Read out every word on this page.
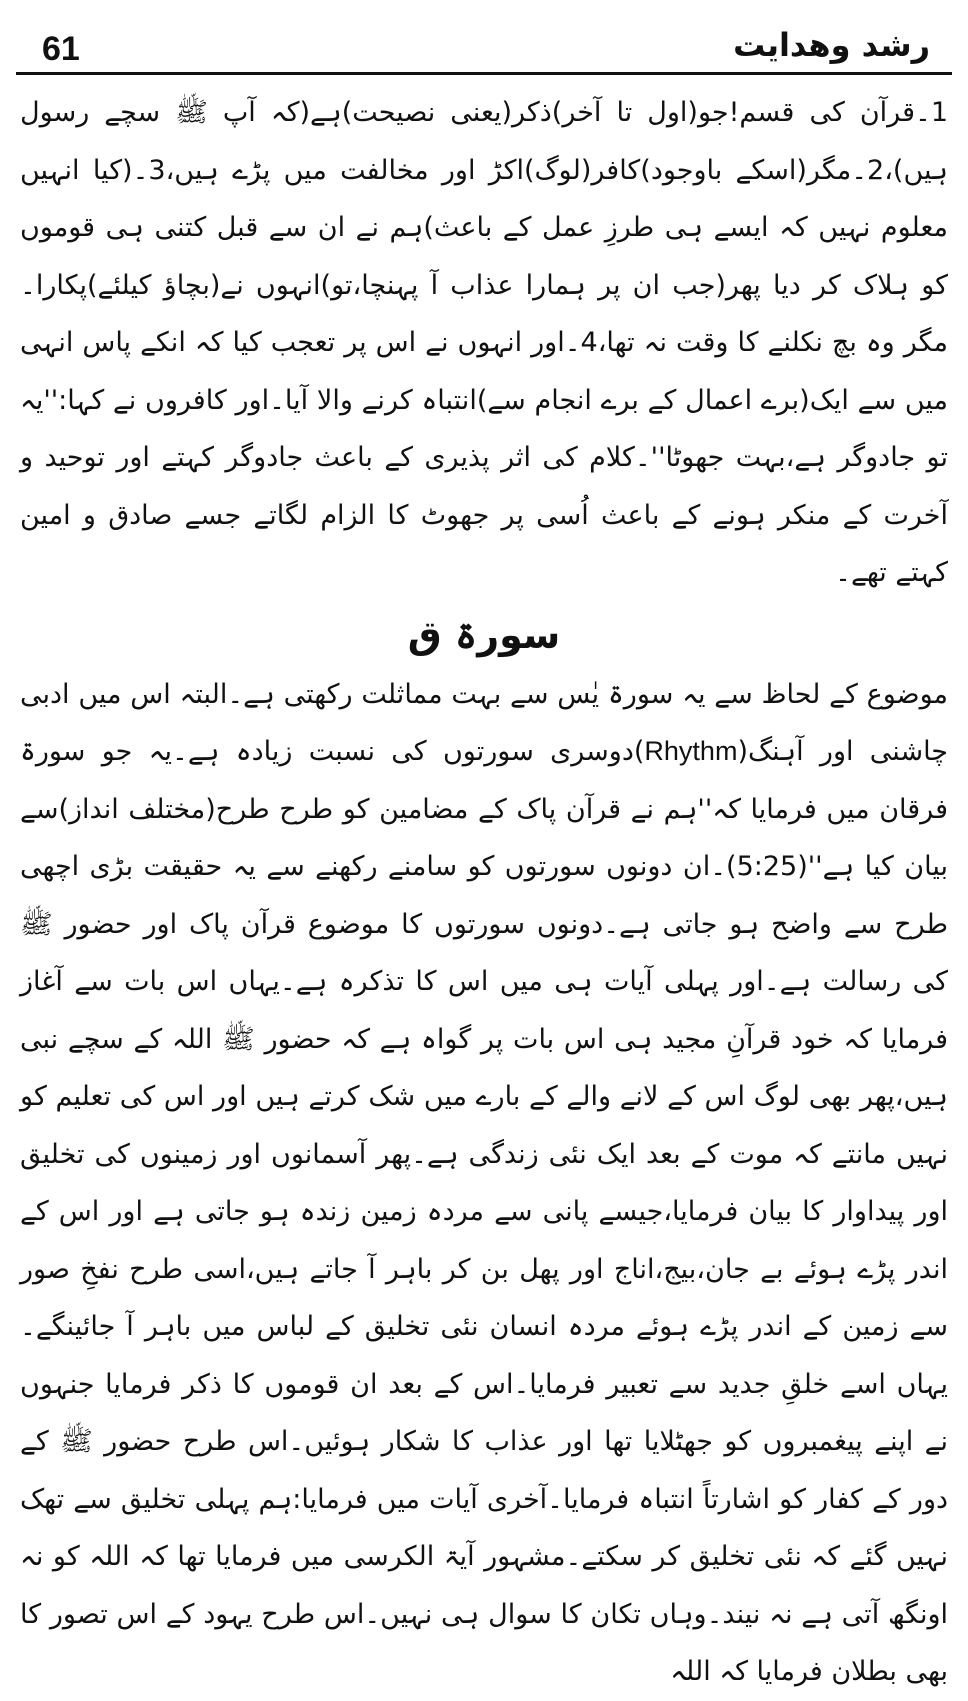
61	رشد وهدایت

1۔قرآن کی قسم!جو(اول تا آخر)ذکر(یعنی نصیحت)ہے(کہ آپ ﷺ سچے رسول ہیں)،2۔مگر(اسکے باوجود)کافر(لوگ)اکڑ اور مخالفت میں پڑے ہیں،3۔(کیا انہیں معلوم نہیں کہ ایسے ہی طرزِ عمل کے باعث)ہم نے ان سے قبل کتنی ہی قوموں کو ہلاک کر دیا پھر(جب ان پر ہمارا عذاب آ پہنچا،تو)انہوں نے(بچاؤ کیلئے)پکارا۔مگر وہ بچ نکلنے کا وقت نہ تھا،4۔اور انہوں نے اس پر تعجب کیا کہ انکے پاس انہی میں سے ایک(برے اعمال کے برے انجام سے)انتباہ کرنے والا آیا۔اور کافروں نے کہا:''یہ تو جادوگر ہے،بہت جھوٹا''۔کلام کی اثر پذیری کے باعث جادوگر کہتے اور توحید و آخرت کے منکر ہونے کے باعث اُسی پر جھوٹ کا الزام لگاتے جسے صادق و امین کہتے تھے۔

سورۃ ق

موضوع کے لحاظ سے یہ سورۃ یٰس سے بہت مماثلت رکھتی ہے۔البتہ اس میں ادبی چاشنی اور آہنگ(Rhythm)دوسری سورتوں کی نسبت زیادہ ہے۔یہ جو سورۃ فرقان میں فرمایا کہ''ہم نے قرآن پاک کے مضامین کو طرح طرح(مختلف انداز)سے بیان کیا ہے''(5:25)۔ان دونوں سورتوں کو سامنے رکھنے سے یہ حقیقت بڑی اچھی طرح سے واضح ہو جاتی ہے۔دونوں سورتوں کا موضوع قرآن پاک اور حضور ﷺ کی رسالت ہے۔اور پہلی آیات ہی میں اس کا تذکرہ ہے۔یہاں اس بات سے آغاز فرمایا کہ خود قرآنِ مجید ہی اس بات پر گواہ ہے کہ حضور ﷺ اللہ کے سچے نبی ہیں،پھر بھی لوگ اس کے لانے والے کے بارے میں شک کرتے ہیں اور اس کی تعلیم کو نہیں مانتے کہ موت کے بعد ایک نئی زندگی ہے۔پھر آسمانوں اور زمینوں کی تخلیق اور پیداوار کا بیان فرمایا،جیسے پانی سے مردہ زمین زندہ ہو جاتی ہے اور اس کے اندر پڑے ہوئے بے جان،بیج،اناج اور پھل بن کر باہر آ جاتے ہیں،اسی طرح نفخِ صور سے زمین کے اندر پڑے ہوئے مردہ انسان نئی تخلیق کے لباس میں باہر آ جائینگے۔یہاں اسے خلقِ جدید سے تعبیر فرمایا۔اس کے بعد ان قوموں کا ذکر فرمایا جنہوں نے اپنے پیغمبروں کو جھٹلایا تھا اور عذاب کا شکار ہوئیں۔اس طرح حضور ﷺ کے دور کے کفار کو اشارتاً انتباہ فرمایا۔آخری آیات میں فرمایا:ہم پہلی تخلیق سے تھک نہیں گئے کہ نئی تخلیق کر سکتے۔مشہور آیۃ الکرسی میں فرمایا تھا کہ اللہ کو نہ اونگھ آتی ہے نہ نیند۔وہاں تکان کا سوال ہی نہیں۔اس طرح یہود کے اس تصور کا بھی بطلان فرمایا کہ اللہ
